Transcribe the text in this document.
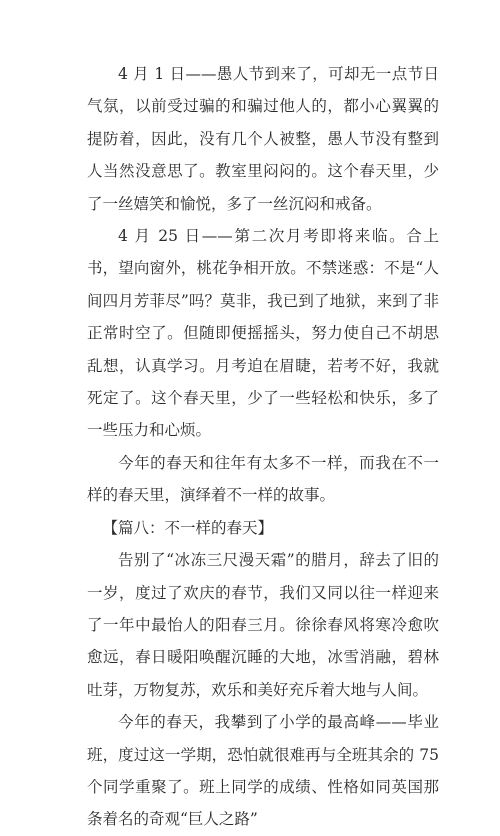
4 月 1 日——愚人节到来了，可却无一点节日气氛，以前受过骗的和骗过他人的，都小心翼翼的提防着，因此，没有几个人被整，愚人节没有整到人当然没意思了。教室里闷闷的。这个春天里，少了一丝嬉笑和愉悦，多了一丝沉闷和戒备。

4 月 25 日——第二次月考即将来临。合上书，望向窗外，桃花争相开放。不禁迷惑：不是“人间四月芳菲尽”吗？莫非，我已到了地狱，来到了非正常时空了。但随即便摇摇头，努力使自己不胡思乱想，认真学习。月考迫在眉睫，若考不好，我就死定了。这个春天里，少了一些轻松和快乐，多了一些压力和心烦。

今年的春天和往年有太多不一样，而我在不一样的春天里，演绎着不一样的故事。

【篇八：不一样的春天】

告别了“冰冻三尺漫天霜”的腊月，辞去了旧的一岁，度过了欢庆的春节，我们又同以往一样迎来了一年中最怡人的阳春三月。徐徐春风将寒冷愈吹愈远，春日暖阳唤醒沉睡的大地，冰雪消融，碧林吐芽，万物复苏，欢乐和美好充斥着大地与人间。

今年的春天，我攀到了小学的最高峰——毕业班，度过这一学期，恐怕就很难再与全班其余的 75 个同学重聚了。班上同学的成绩、性格如同英国那条着名的奇观“巨人之路”
